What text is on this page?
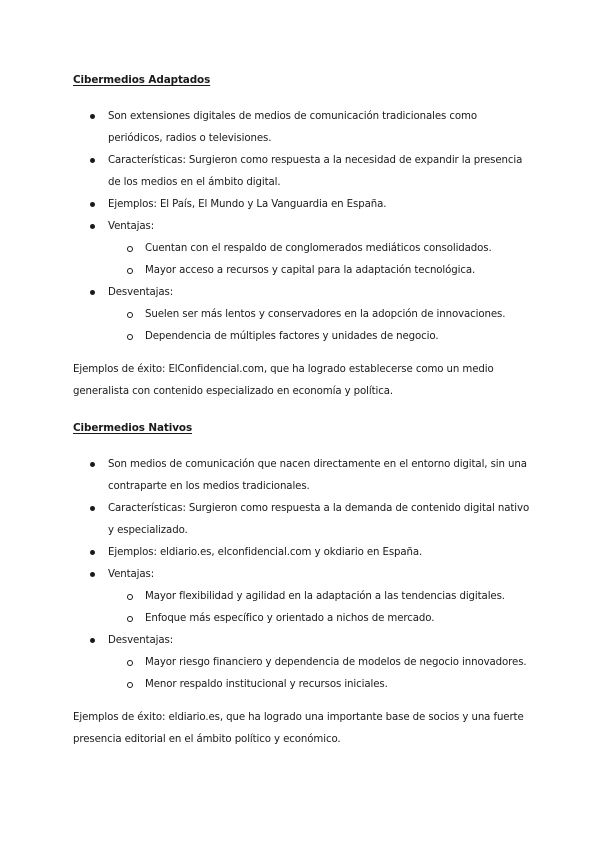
Cibermedios Adaptados
Son extensiones digitales de medios de comunicación tradicionales como periódicos, radios o televisiones.
Características: Surgieron como respuesta a la necesidad de expandir la presencia de los medios en el ámbito digital.
Ejemplos: El País, El Mundo y La Vanguardia en España.
Ventajas:
Cuentan con el respaldo de conglomerados mediáticos consolidados.
Mayor acceso a recursos y capital para la adaptación tecnológica.
Desventajas:
Suelen ser más lentos y conservadores en la adopción de innovaciones.
Dependencia de múltiples factores y unidades de negocio.

Ejemplos de éxito: ElConfidencial.com, que ha logrado establecerse como un medio generalista con contenido especializado en economía y política.

Cibermedios Nativos
Son medios de comunicación que nacen directamente en el entorno digital, sin una contraparte en los medios tradicionales.
Características: Surgieron como respuesta a la demanda de contenido digital nativo y especializado.
Ejemplos: eldiario.es, elconfidencial.com y okdiario en España.
Ventajas:
Mayor flexibilidad y agilidad en la adaptación a las tendencias digitales.
Enfoque más específico y orientado a nichos de mercado.
Desventajas:
Mayor riesgo financiero y dependencia de modelos de negocio innovadores.
Menor respaldo institucional y recursos iniciales.

Ejemplos de éxito: eldiario.es, que ha logrado una importante base de socios y una fuerte presencia editorial en el ámbito político y económico.
